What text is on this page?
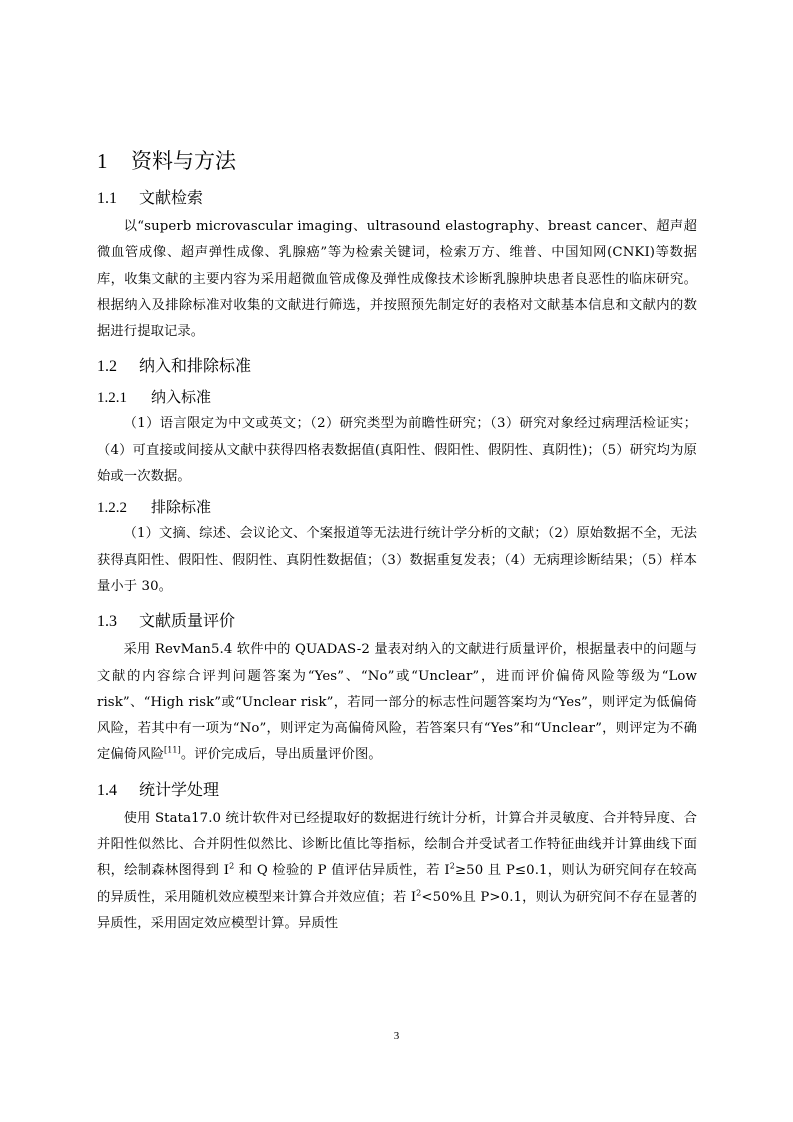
1 资料与方法
1.1 文献检索

以“superb microvascular imaging、ultrasound elastography、breast cancer、超声超微血管成像、超声弹性成像、乳腺癌”等为检索关键词，检索万方、维普、中国知网(CNKI)等数据库，收集文献的主要内容为采用超微血管成像及弹性成像技术诊断乳腺肿块患者良恶性的临床研究。根据纳入及排除标准对收集的文献进行筛选，并按照预先制定好的表格对文献基本信息和文献内的数据进行提取记录。

1.2 纳入和排除标准
1.2.1 纳入标准

（1）语言限定为中文或英文；（2）研究类型为前瞻性研究；（3）研究对象经过病理活检证实；（4）可直接或间接从文献中获得四格表数据值(真阳性、假阳性、假阴性、真阴性)；（5）研究均为原始或一次数据。

1.2.2 排除标准

（1）文摘、综述、会议论文、个案报道等无法进行统计学分析的文献；（2）原始数据不全，无法获得真阳性、假阳性、假阴性、真阴性数据值；（3）数据重复发表；（4）无病理诊断结果；（5）样本量小于 30。

1.3 文献质量评价

采用 RevMan5.4 软件中的 QUADAS-2 量表对纳入的文献进行质量评价，根据量表中的问题与文献的内容综合评判问题答案为“Yes”、“No”或“Unclear”，进而评价偏倚风险等级为“Low risk”、“High risk”或“Unclear risk”，若同一部分的标志性问题答案均为“Yes”，则评定为低偏倚风险，若其中有一项为“No”，则评定为高偏倚风险，若答案只有“Yes”和“Unclear”，则评定为不确定偏倚风险[11]。评价完成后，导出质量评价图。

1.4 统计学处理

使用 Stata17.0 统计软件对已经提取好的数据进行统计分析，计算合并灵敏度、合并特异度、合并阳性似然比、合并阴性似然比、诊断比值比等指标，绘制合并受试者工作特征曲线并计算曲线下面积，绘制森林图得到 $I^2$ 和 Q 检验的 P 值评估异质性，若 $I^2\ge 50$ 且 P≤0.1，则认为研究间存在较高的异质性，采用随机效应模型来计算合并效应值；若 $I^2<50\%$且 P>0.1，则认为研究间不存在显著的异质性，采用固定效应模型计算。异质性

3
